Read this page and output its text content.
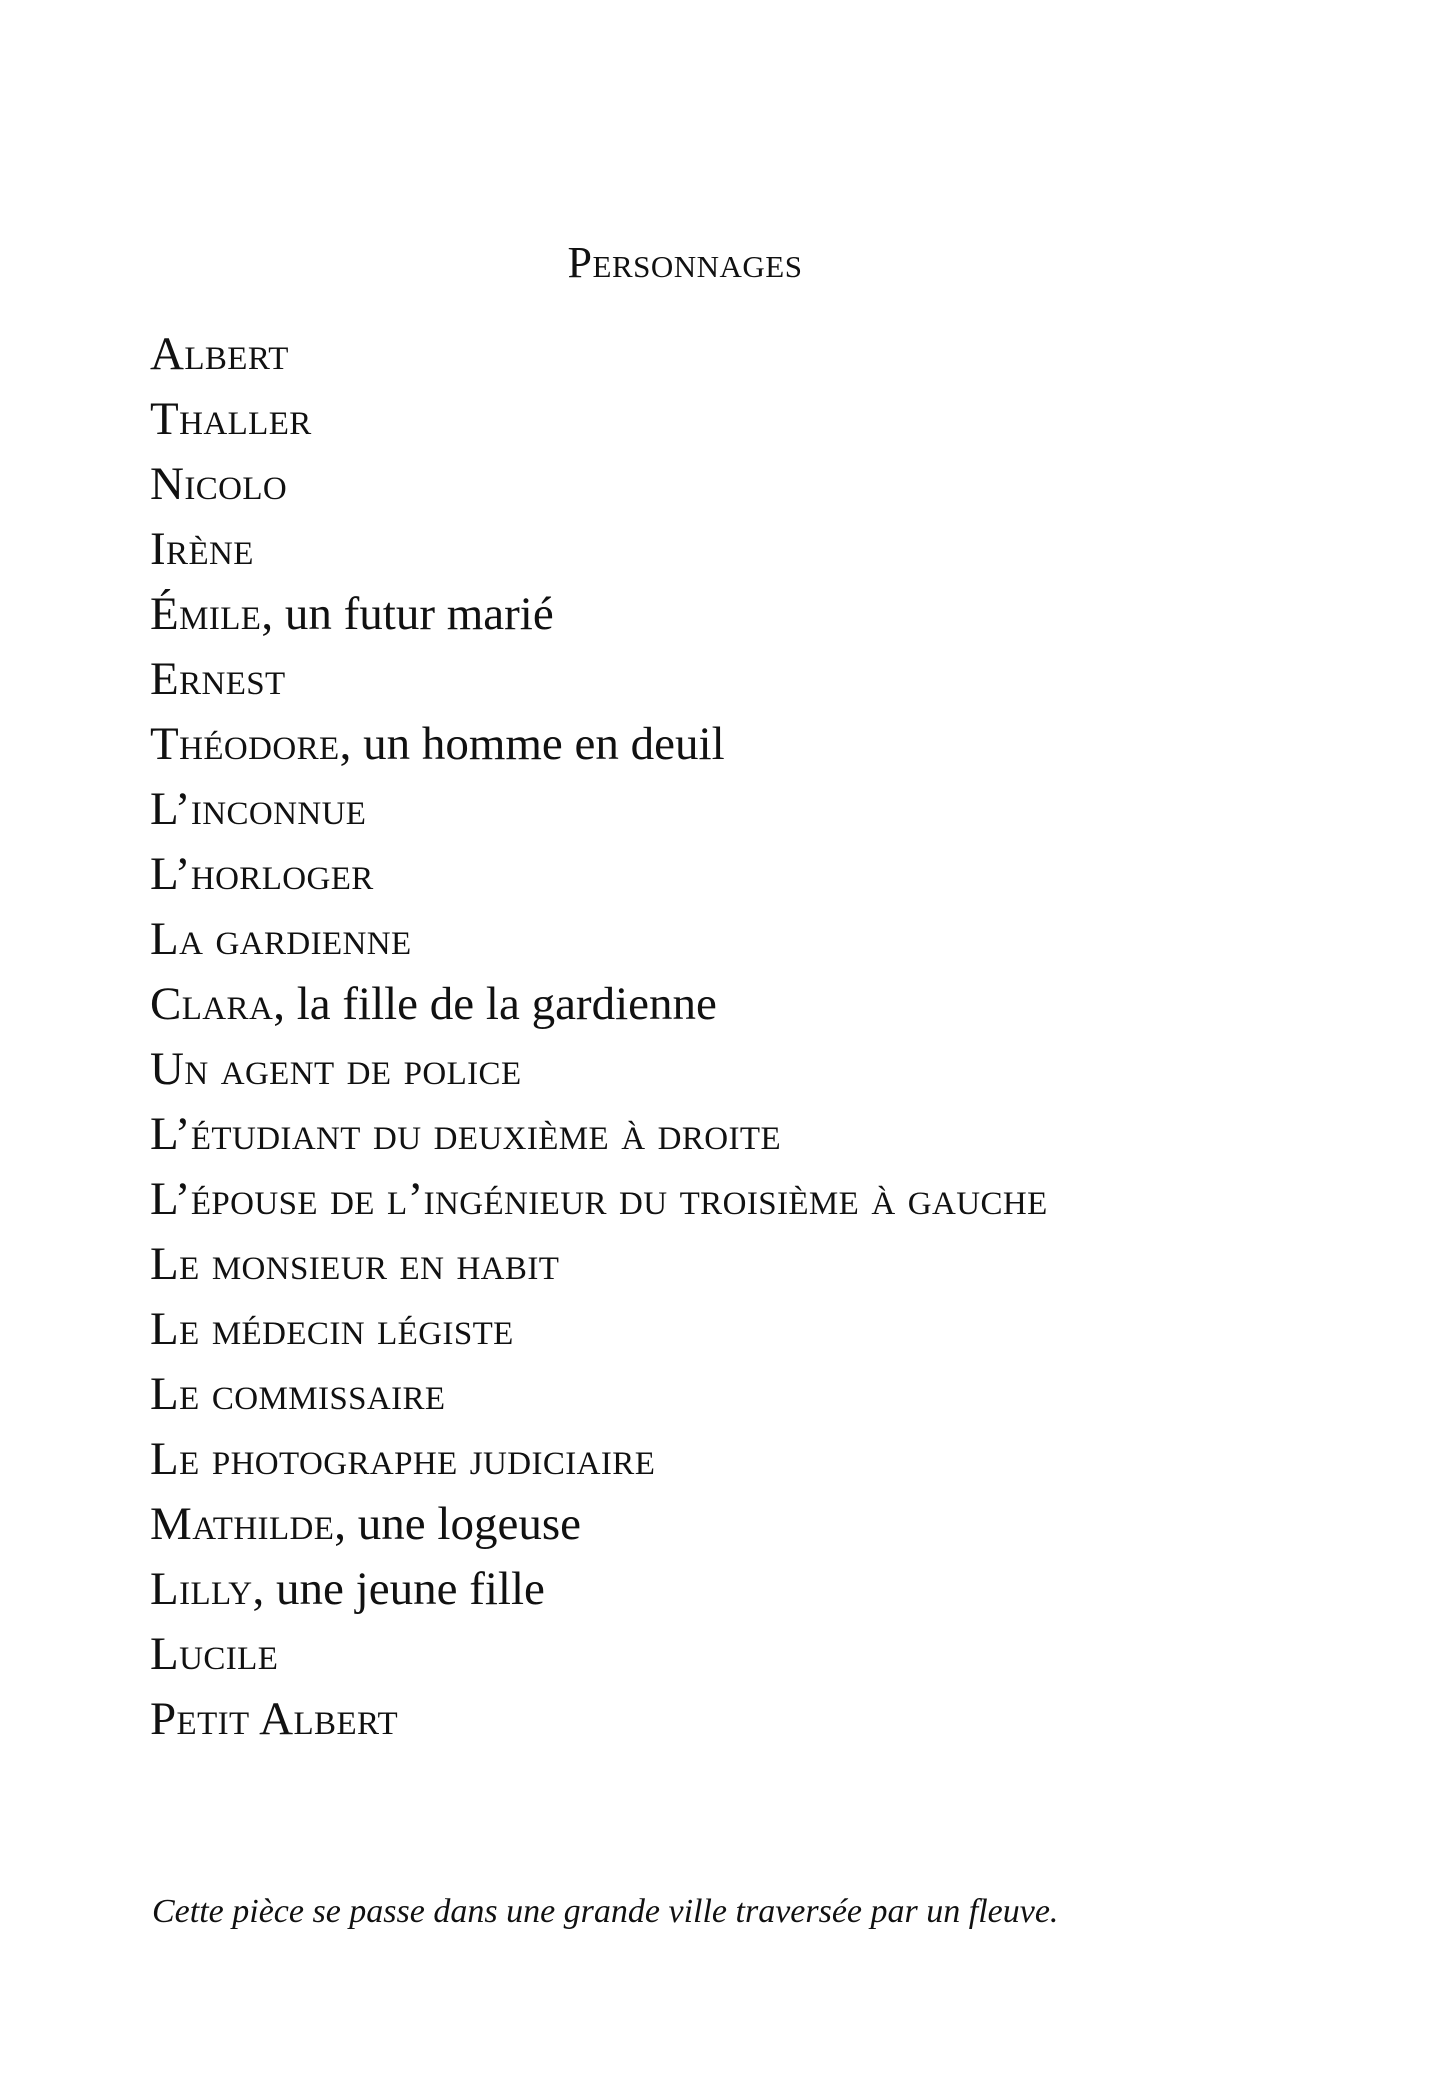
Personnages
Albert
Thaller
Nicolo
Irène
Émile, un futur marié
Ernest
Théodore, un homme en deuil
L’inconnue
L’horloger
La gardienne
Clara, la fille de la gardienne
Un agent de police
L’étudiant du deuxième à droite
L’épouse de l’ingénieur du troisième à gauche
Le monsieur en habit
Le médecin légiste
Le commissaire
Le photographe judiciaire
Mathilde, une logeuse
Lilly, une jeune fille
Lucile
Petit Albert
Cette pièce se passe dans une grande ville traversée par un fleuve.
